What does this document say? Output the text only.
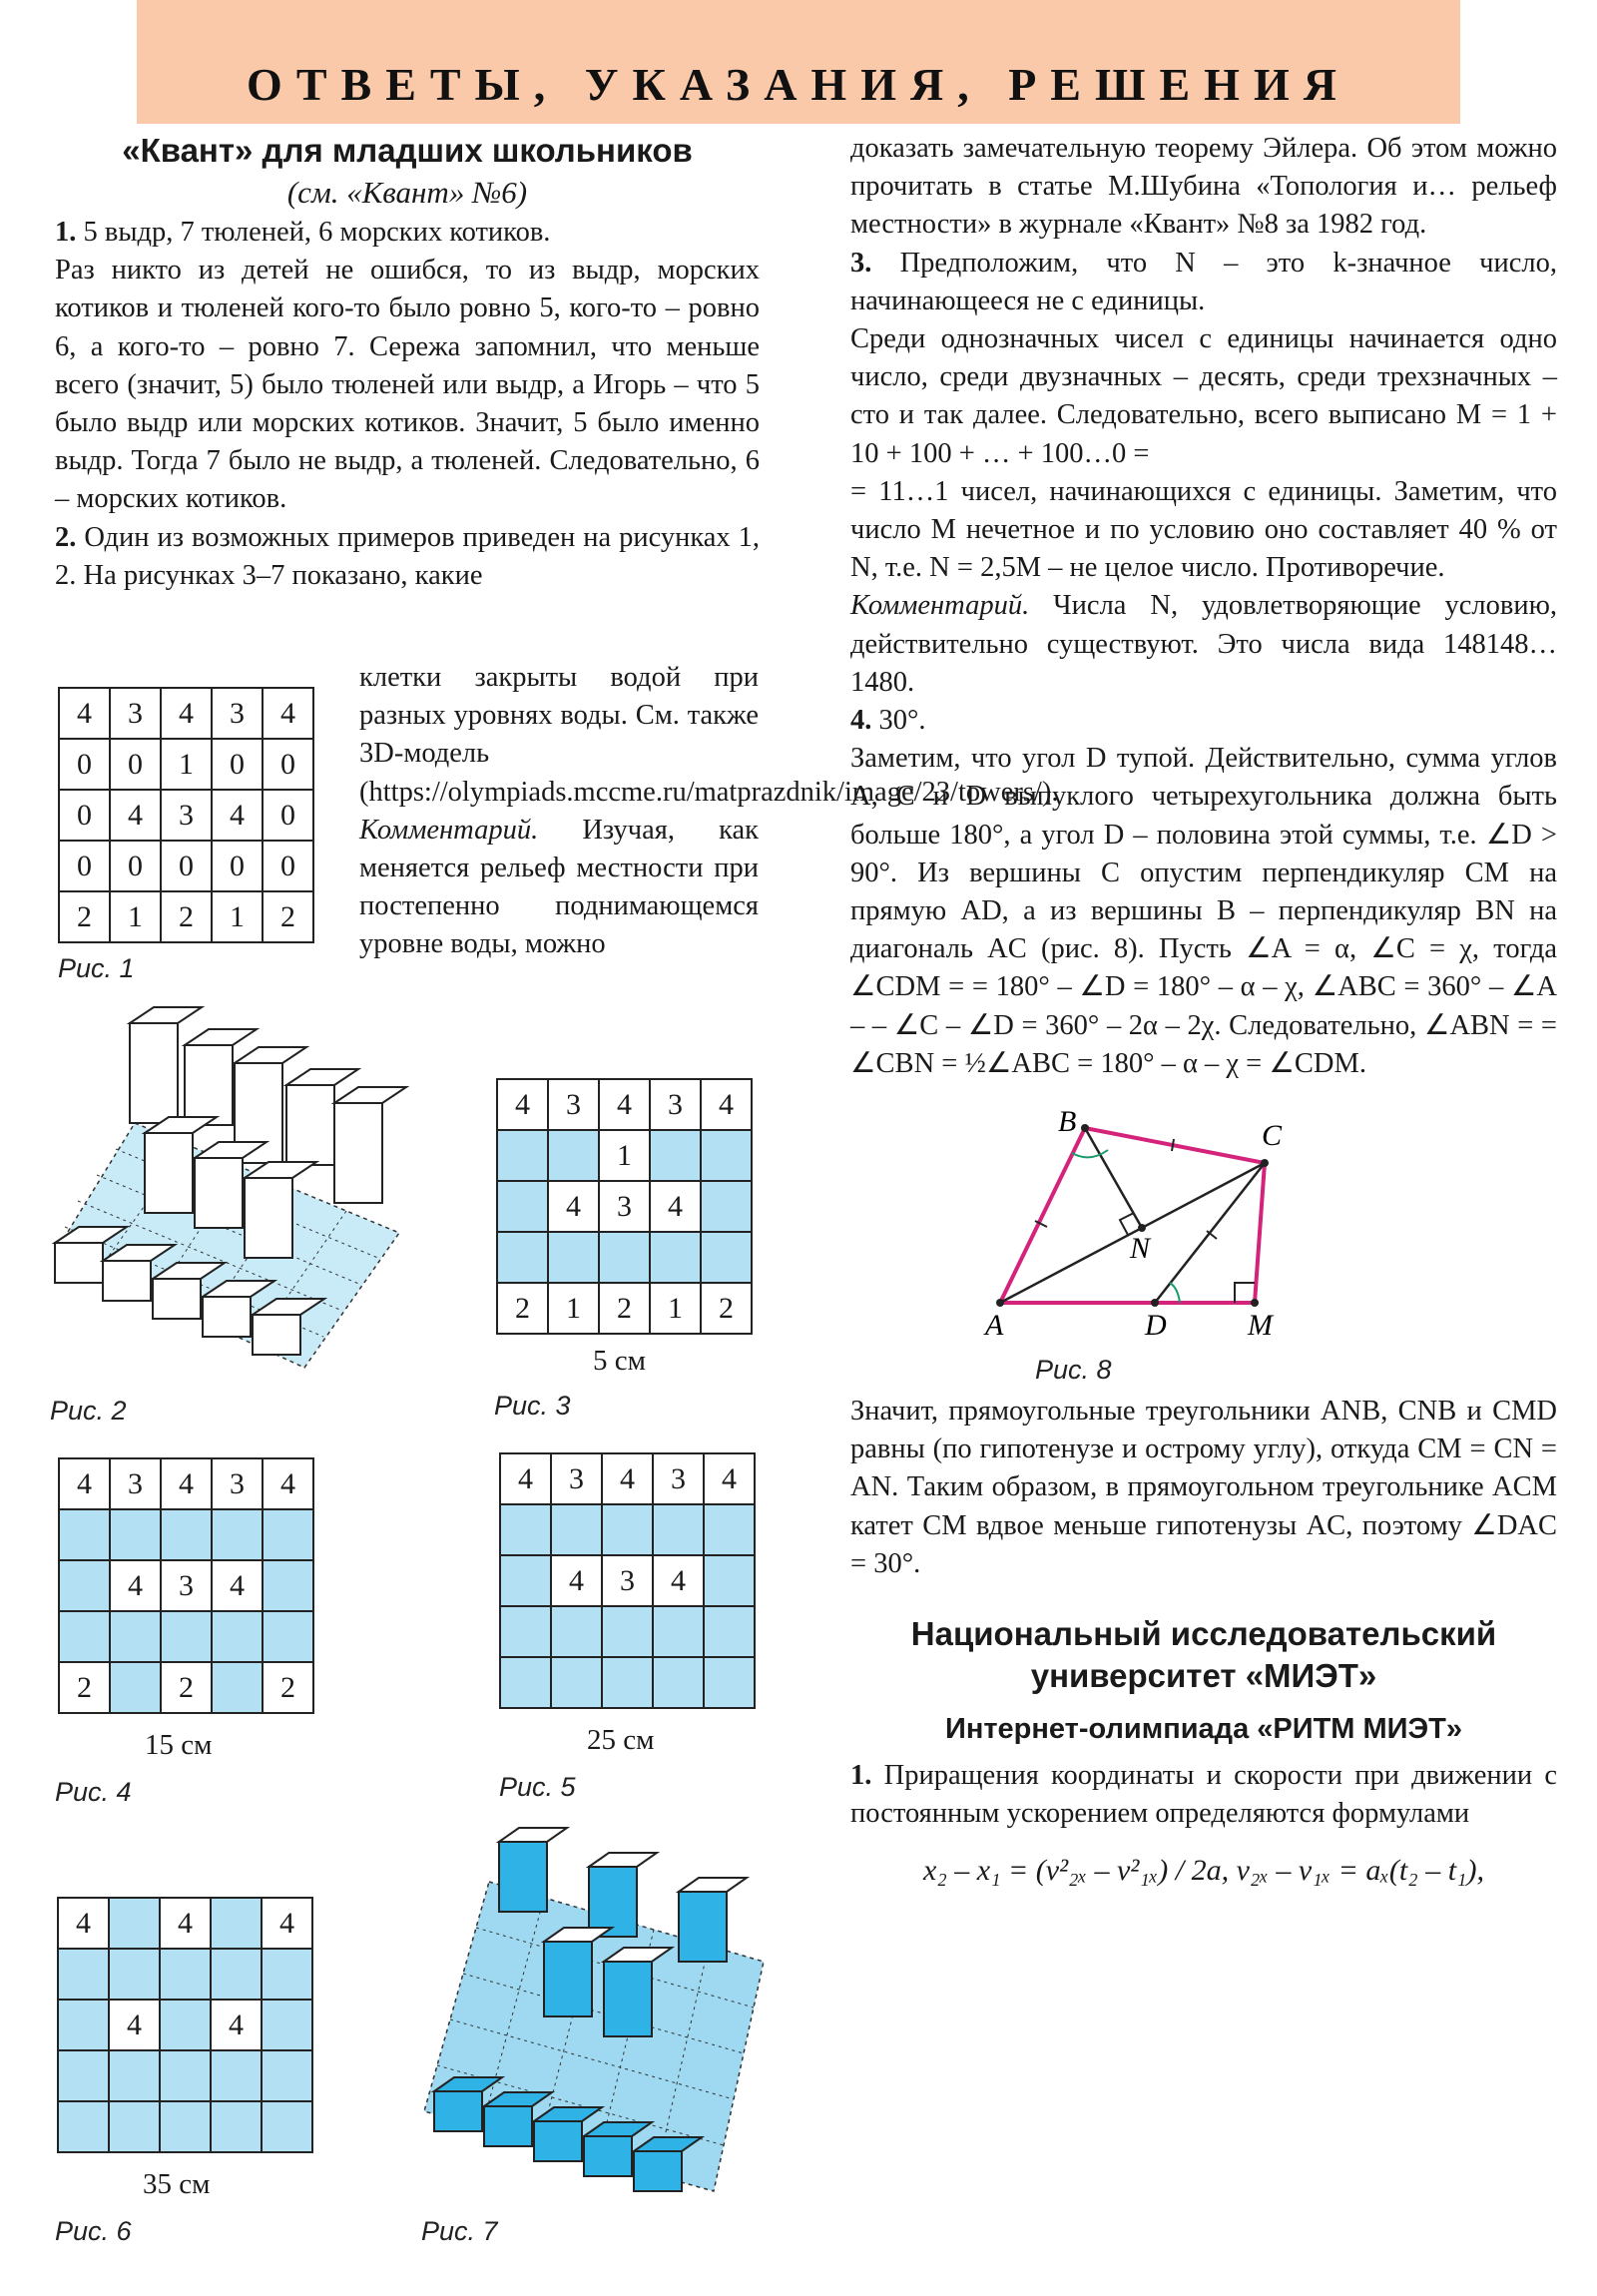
ОТВЕТЫ, УКАЗАНИЯ, РЕШЕНИЯ
«Квант» для младших школьников
(см. «Квант» №6)

1. 5 выдр, 7 тюленей, 6 морских котиков.

Раз никто из детей не ошибся, то из выдр, морских котиков и тюленей кого-то было ровно 5, кого-то – ровно 6, а кого-то – ровно 7. Сережа запомнил, что меньше всего (значит, 5) было тюленей или выдр, а Игорь – что 5 было выдр или морских котиков. Значит, 5 было именно выдр. Тогда 7 было не выдр, а тюленей. Следовательно, 6 – морских котиков.

2. Один из возможных примеров приведен на рисунках 1, 2. На рисунках 3–7 показано, какие

клетки закрыты водой при разных уровнях воды. См. также 3D-модель (https://olympiads.mccme.ru/matprazdnik/image/23/towers/).

Комментарий. Изучая, как меняется рельеф местности при постепенно поднимающемся уровне воды, можно

4	3	4	3	4
0	0	1	0	0
0	4	3	4	0
0	0	0	0	0
2	1	2	1	2
Рис. 1
Рис. 2
4	3	4	3	4
		1		
	4	3	4	

2	1	2	1	2
5 см
Рис. 3
4	3	4	3	4

	4	3	4	

2		2		2
15 см
Рис. 4
4	3	4	3	4

	4	3	4	

25 см
Рис. 5
4		4		4

	4		4	

35 см
Рис. 6	Рис. 7

доказать замечательную теорему Эйлера. Об этом можно прочитать в статье М.Шубина «Топология и… рельеф местности» в журнале «Квант» №8 за 1982 год.

3. Предположим, что N – это k-значное число, начинающееся не с единицы.

Среди однозначных чисел с единицы начинается одно число, среди двузначных – десять, среди трехзначных – сто и так далее. Следовательно, всего выписано M = 1 + 10 + 100 + … + 100…0 =

= 11…1 чисел, начинающихся с единицы. Заметим, что число M нечетное и по условию оно составляет 40 % от N, т.е. N = 2,5M – не целое число. Противоречие.

Комментарий. Числа N, удовлетворяющие условию, действительно существуют. Это числа вида 148148…1480.

4. 30°.

Заметим, что угол D тупой. Действительно, сумма углов A, C и D выпуклого четырехугольника должна быть больше 180°, а угол D – половина этой суммы, т.е. ∠D > 90°. Из вершины C опустим перпендикуляр CM на прямую AD, а из вершины B – перпендикуляр BN на диагональ AC (рис. 8). Пусть ∠A = α, ∠C = χ, тогда ∠CDM = = 180° – ∠D = 180° – α – χ, ∠ABC = 360° – ∠A – – ∠C – ∠D = 360° – 2α – 2χ. Следовательно, ∠ABN = = ∠CBN = ½∠ABC = 180° – α – χ = ∠CDM.

A
B	C
D	M
N
Рис. 8

Значит, прямоугольные треугольники ANB, CNB и CMD равны (по гипотенузе и острому углу), откуда CM = CN = AN. Таким образом, в прямоугольном треугольнике ACM катет CM вдвое меньше гипотенузы AC, поэтому ∠DAC = 30°.

Национальный исследовательский
университет «МИЭТ»
Интернет-олимпиада «РИТМ МИЭТ»

1. Приращения координаты и скорости при движении с постоянным ускорением определяются формулами

x₂ – x₁ = (v²₂ₓ – v²₁ₓ) / 2a, v₂ₓ – v₁ₓ = aₓ(t₂ – t₁),
